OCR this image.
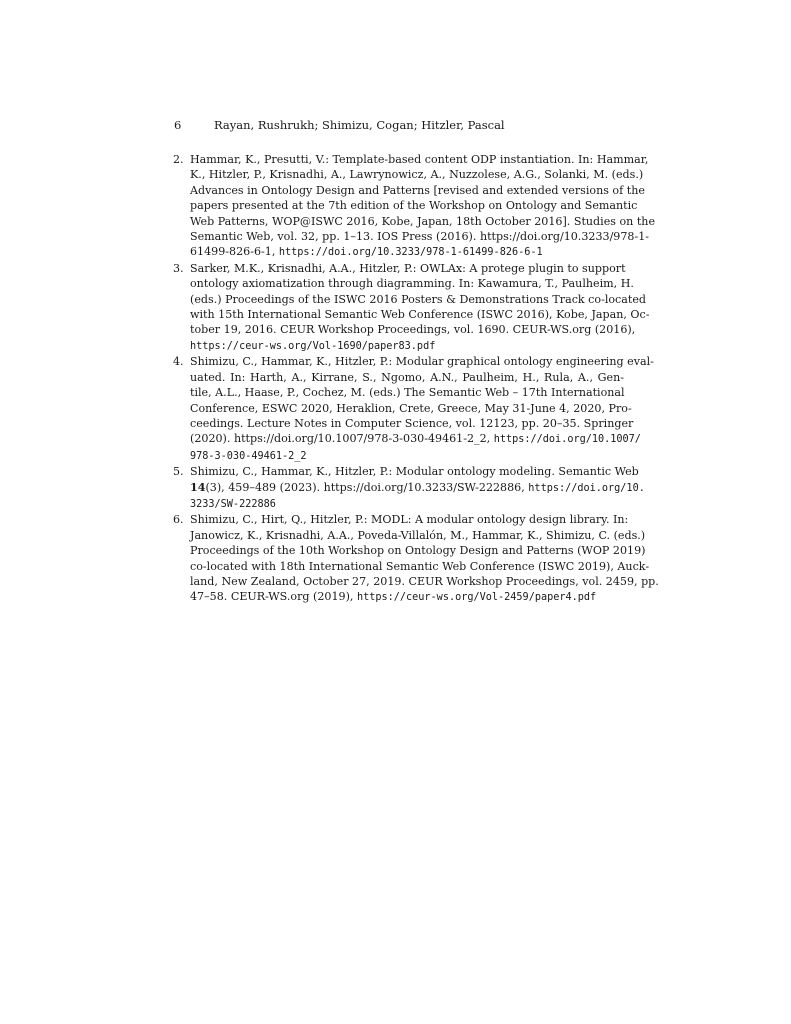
6	Rayan, Rushrukh; Shimizu, Cogan; Hitzler, Pascal
2. Hammar, K., Presutti, V.: Template-based content ODP instantiation. In: Hammar,
K., Hitzler, P., Krisnadhi, A., Lawrynowicz, A., Nuzzolese, A.G., Solanki, M. (eds.)
Advances in Ontology Design and Patterns [revised and extended versions of the
papers presented at the 7th edition of the Workshop on Ontology and Semantic
Web Patterns, WOP@ISWC 2016, Kobe, Japan, 18th October 2016]. Studies on the
Semantic Web, vol. 32, pp. 1–13. IOS Press (2016). https://doi.org/10.3233/978-1-
61499-826-6-1, https://doi.org/10.3233/978-1-61499-826-6-1
3. Sarker, M.K., Krisnadhi, A.A., Hitzler, P.: OWLAx: A protege plugin to support
ontology axiomatization through diagramming. In: Kawamura, T., Paulheim, H.
(eds.) Proceedings of the ISWC 2016 Posters & Demonstrations Track co-located
with 15th International Semantic Web Conference (ISWC 2016), Kobe, Japan, Oc-
tober 19, 2016. CEUR Workshop Proceedings, vol. 1690. CEUR-WS.org (2016),
https://ceur-ws.org/Vol-1690/paper83.pdf
4. Shimizu, C., Hammar, K., Hitzler, P.: Modular graphical ontology engineering eval-
uated. In: Harth, A., Kirrane, S., Ngomo, A.N., Paulheim, H., Rula, A., Gen-
tile, A.L., Haase, P., Cochez, M. (eds.) The Semantic Web – 17th International
Conference, ESWC 2020, Heraklion, Crete, Greece, May 31-June 4, 2020, Pro-
ceedings. Lecture Notes in Computer Science, vol. 12123, pp. 20–35. Springer
(2020). https://doi.org/10.1007/978-3-030-49461-2_2, https://doi.org/10.1007/
978-3-030-49461-2_2
5. Shimizu, C., Hammar, K., Hitzler, P.: Modular ontology modeling. Semantic Web
14(3), 459–489 (2023). https://doi.org/10.3233/SW-222886, https://doi.org/10.
3233/SW-222886
6. Shimizu, C., Hirt, Q., Hitzler, P.: MODL: A modular ontology design library. In:
Janowicz, K., Krisnadhi, A.A., Poveda-Villalón, M., Hammar, K., Shimizu, C. (eds.)
Proceedings of the 10th Workshop on Ontology Design and Patterns (WOP 2019)
co-located with 18th International Semantic Web Conference (ISWC 2019), Auck-
land, New Zealand, October 27, 2019. CEUR Workshop Proceedings, vol. 2459, pp.
47–58. CEUR-WS.org (2019), https://ceur-ws.org/Vol-2459/paper4.pdf
